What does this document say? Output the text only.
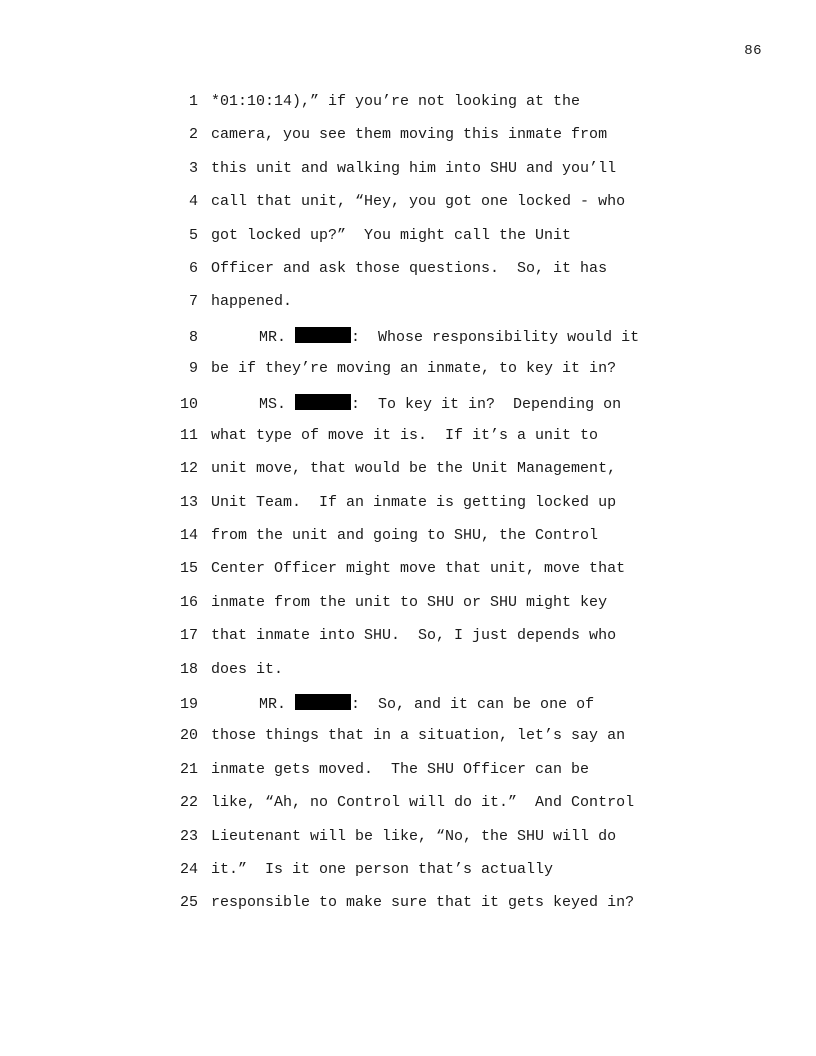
86
1 *01:10:14),” if you’re not looking at the
2 camera, you see them moving this inmate from
3 this unit and walking him into SHU and you’ll
4 call that unit, “Hey, you got one locked - who
5 got locked up?”  You might call the Unit
6 Officer and ask those questions.  So, it has
7 happened.
8	MR.	:  Whose responsibility would it
9 be if they’re moving an inmate, to key it in?
10	MS.	:  To key it in?  Depending on
11 what type of move it is.  If it’s a unit to
12 unit move, that would be the Unit Management,
13 Unit Team.  If an inmate is getting locked up
14 from the unit and going to SHU, the Control
15 Center Officer might move that unit, move that
16 inmate from the unit to SHU or SHU might key
17 that inmate into SHU.  So, I just depends who
18 does it.
19	MR.	:  So, and it can be one of
20 those things that in a situation, let’s say an
21 inmate gets moved.  The SHU Officer can be
22 like, “Ah, no Control will do it.”  And Control
23 Lieutenant will be like, “No, the SHU will do
24 it.”  Is it one person that’s actually
25 responsible to make sure that it gets keyed in?
